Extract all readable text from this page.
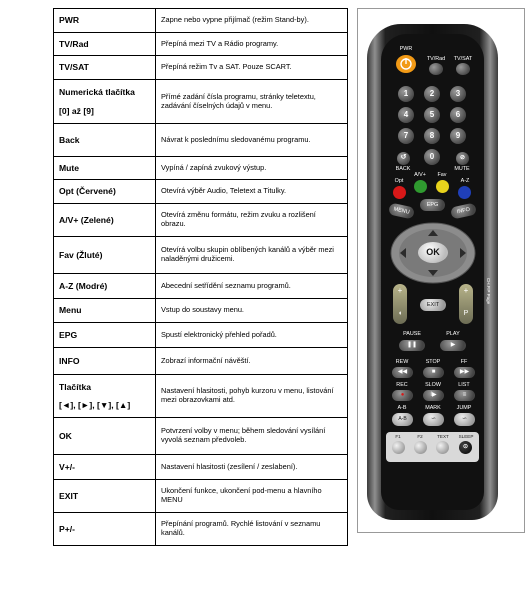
PWR	Zapne nebo vypne přijímač (režim Stand-by).

TV/Rad	Přepíná mezi TV a Rádio programy.

TV/SAT	Přepíná režim Tv a SAT. Pouze SCART.

Numerická tlačítka
[0] až [9]	Přímé zadání čísla programu, stránky teletextu, zadávání číselných údajů v menu.

Back	Návrat k poslednímu sledovanému programu.

Mute	Vypíná / zapíná zvukový výstup.

Opt (Červené)	Otevírá výběr Audio, Teletext a Titulky.

A/V+ (Zelené)	Otevírá změnu formátu, režim zvuku a rozlišení obrazu.

Fav (Žluté)	Otevírá volbu skupin oblíbených kanálů a výběr mezi naladěnými družicemi.

A-Z (Modré)	Abecední setřídění seznamu programů.

Menu	Vstup do soustavy menu.

EPG	Spustí elektronický přehled pořadů.

INFO	Zobrazí informační návěští.

Tlačítka
[◄], [►], [▼], [▲]	Nastavení hlasitosti, pohyb kurzoru v menu, listování mezi obrazovkami atd.

OK	Potvrzení volby v menu; během sledování vysílání vyvolá seznam předvoleb.

V+/-	Nastavení hlasitosti (zesílení / zeslabení).

EXIT	Ukončení funkce, ukončení pod-menu a hlavního MENU

P+/-	Přepínání programů. Rychlé listování v seznamu kanálů.
PWR
TV/Rad	TV/SAT
1	2	3
4	5	6
7	8	9
0
↺	⊘
BACK	MUTE
Opt
A/V+	Fav
A-Z
MENU
EPG
INFO
OK
+
◖
+
P
EXIT
CH.P.P Page
PAUSE	PLAY
❚❚	▶
REW	STOP	FF
◀◀	■	▶▶
REC	SLOW	LIST
●	I▶	≡
A-B	MARK	JUMP
A-B	∽	∽
F1	F2	TEXT	SLEEP
⊙
